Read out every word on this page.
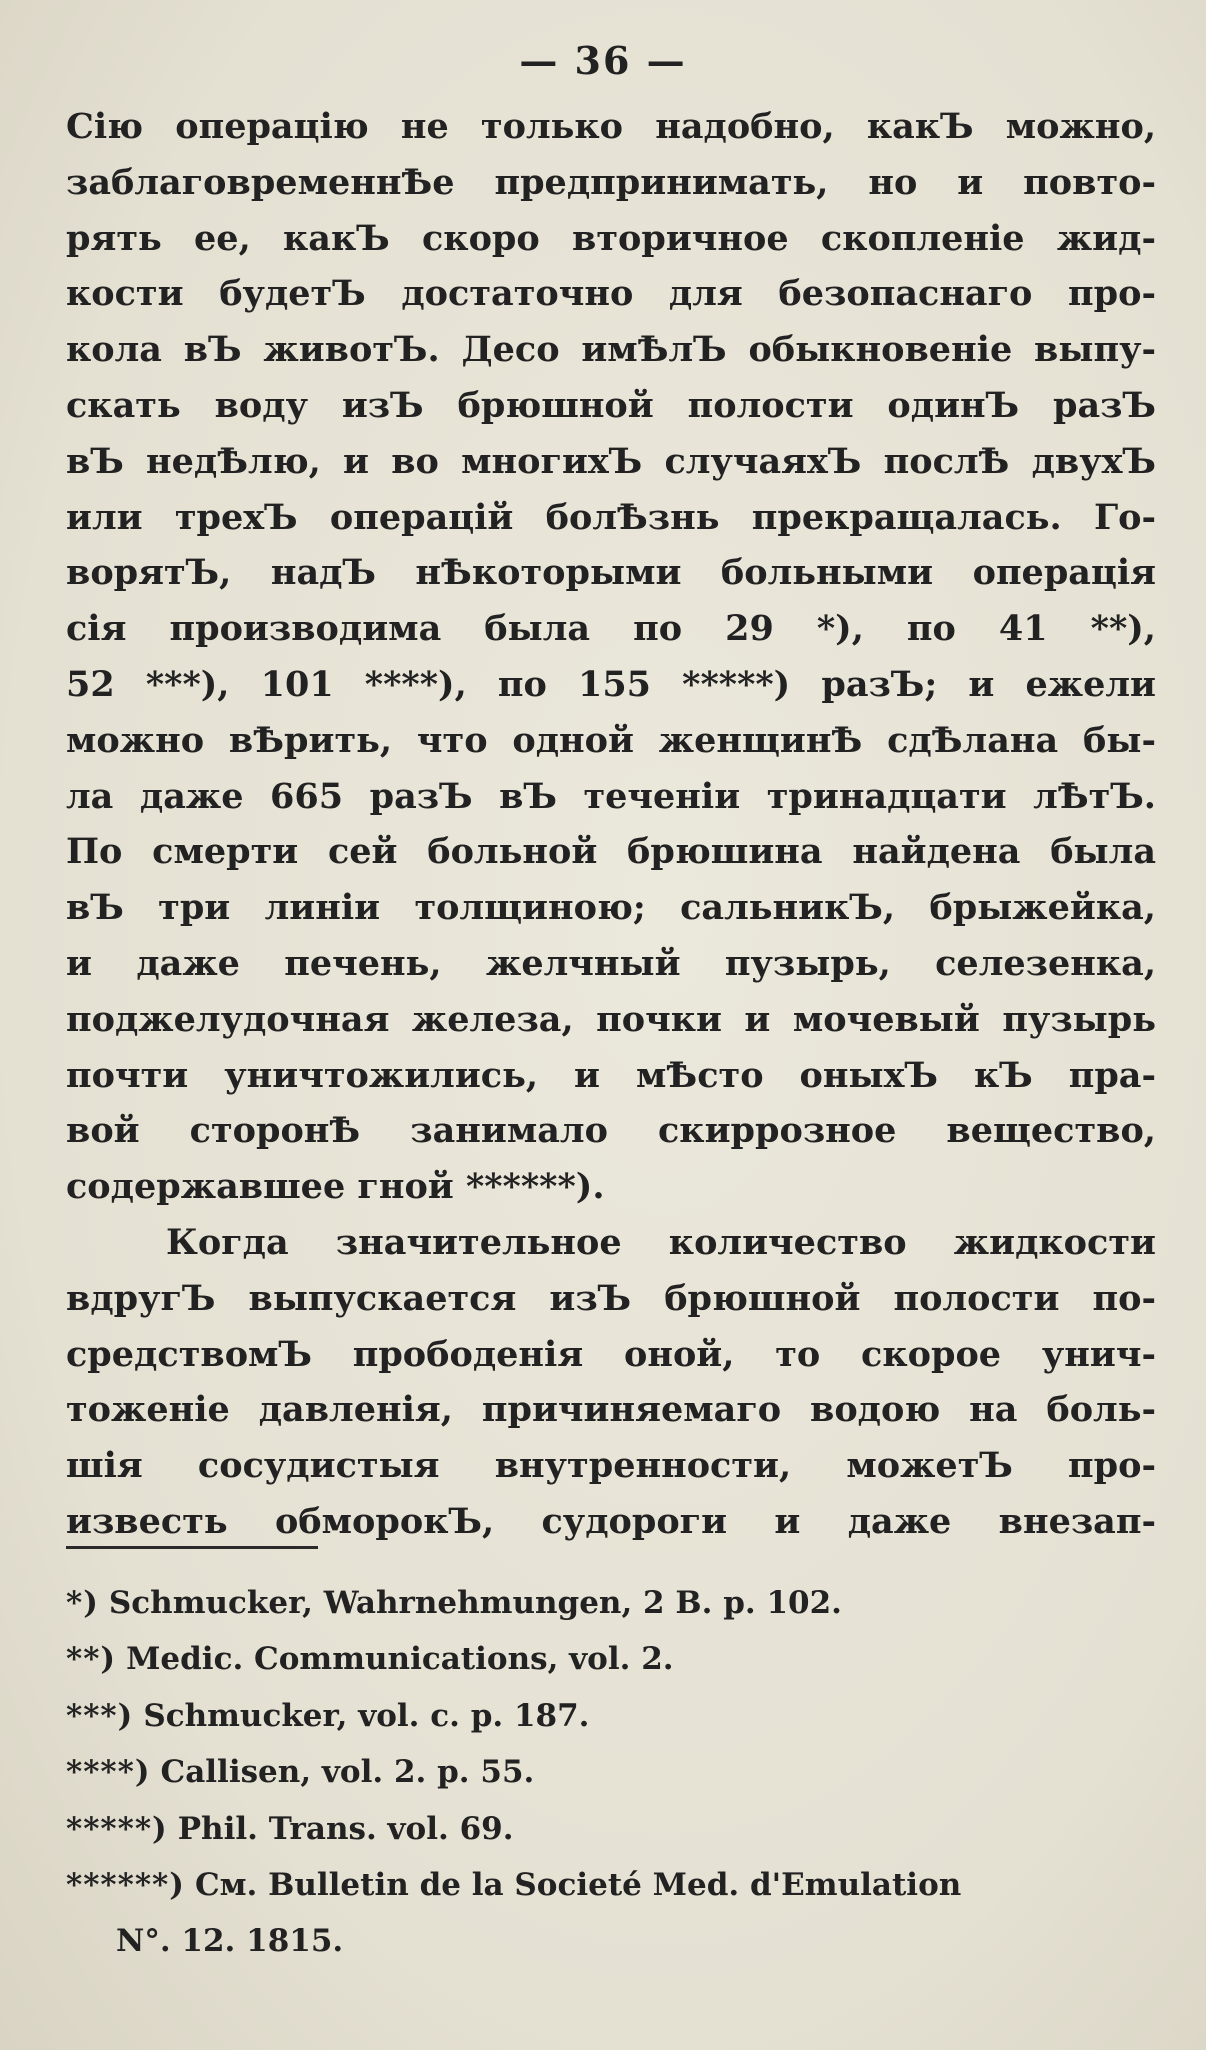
— 36 —
Сію операцію не только надобно, какЪ можно,
заблаговременнѢе предпринимать, но и повто-
рять ее, какЪ скоро вторичное скопленіе жид-
кости будетЪ достаточно для безопаснаго про-
кола вЪ животЪ. Десо имѢлЪ обыкновеніе выпу-
скать воду изЪ брюшной полости одинЪ разЪ
вЪ недѢлю, и во многихЪ случаяхЪ послѢ двухЪ
или трехЪ операцій болѢзнь прекращалась. Го-
ворятЪ, надЪ нѢкоторыми больными операція
сія производима была по 29 *), по 41 **),
52 ***), 101 ****), по 155 *****) разЪ; и ежели
можно вѢрить, что одной женщинѢ сдѢлана бы-
ла даже 665 разЪ вЪ теченіи тринадцати лѢтЪ.
По смерти сей больной брюшина найдена была
вЪ три линіи толщиною; сальникЪ, брыжейка,
и даже печень, желчный пузырь, селезенка,
поджелудочная железа, почки и мочевый пузырь
почти уничтожились, и мѢсто оныхЪ кЪ пра-
вой сторонѢ занимало скиррозное вещество,
содержавшее гной ******).
Когда значительное количество жидкости
вдругЪ выпускается изЪ брюшной полости по-
средствомЪ прободенія оной, то скорое унич-
тоженіе давленія, причиняемаго водою на боль-
шія сосудистыя внутренности, можетЪ про-
известь обморокЪ, судороги и даже внезап-
*) Schmucker, Wahrnehmungen, 2 B. p. 102.
**) Medic. Communications, vol. 2.
***) Schmucker, vol. c. p. 187.
****) Callisen, vol. 2. p. 55.
*****) Phil. Trans. vol. 69.
******) См. Bulletin de la Societé Med. d'Emulation
N°. 12. 1815.
